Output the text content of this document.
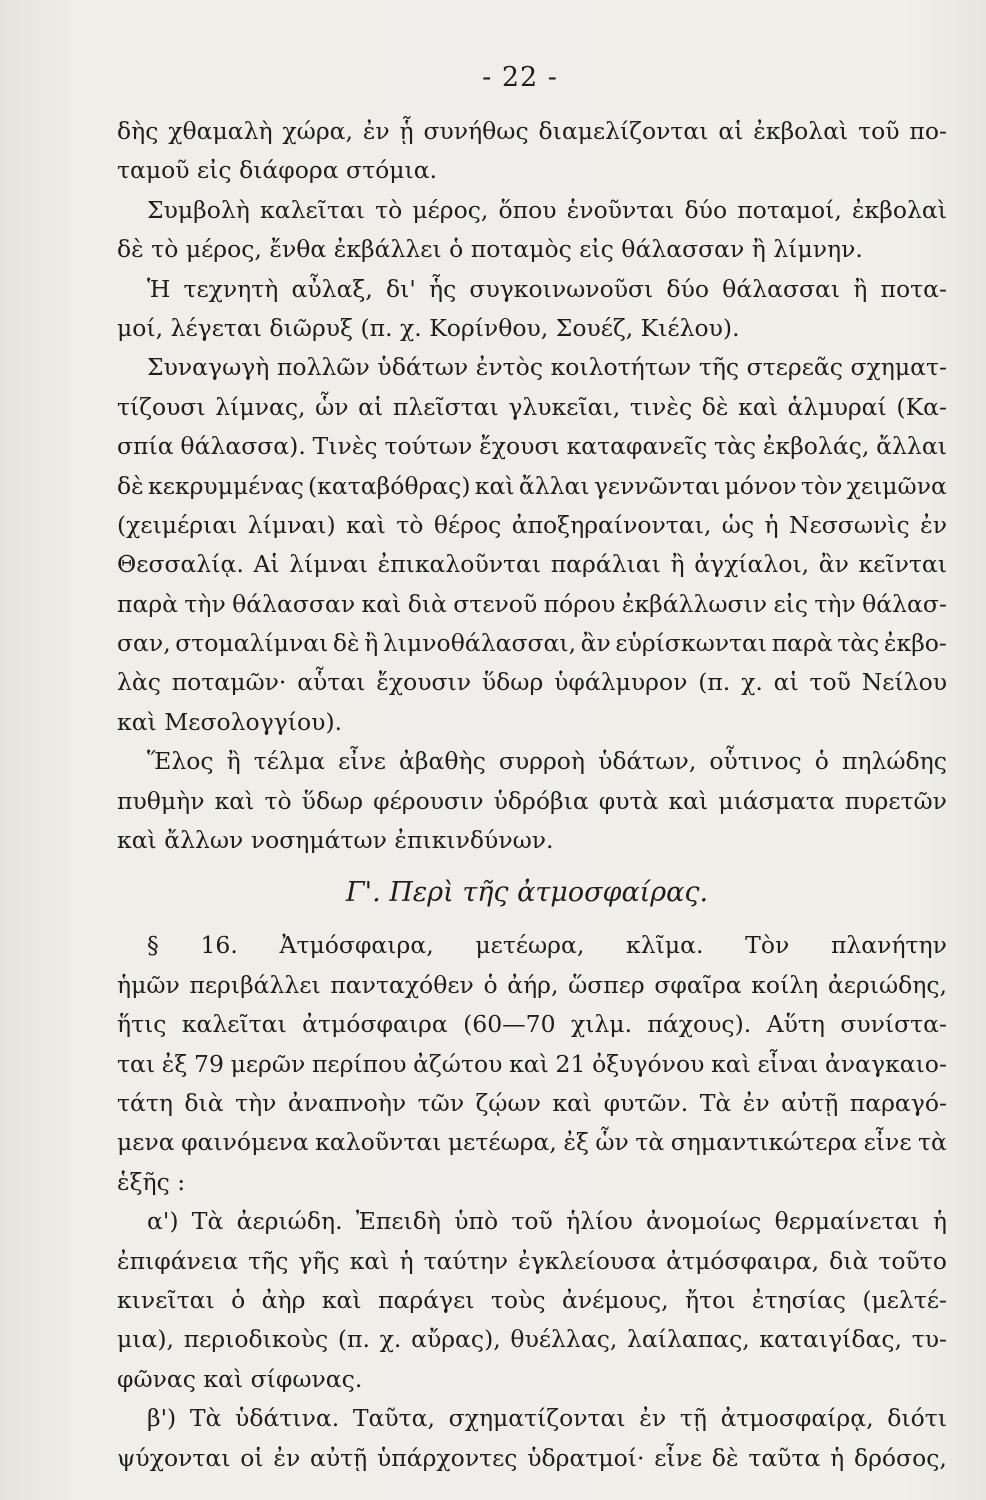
- 22 -
δὴς χθαμαλὴ χώρα, ἐν ᾗ συνήθως διαμελίζονται αἱ ἐκβολαὶ τοῦ πο-
ταμοῦ εἰς διάφορα στόμια.
Συμβολὴ καλεῖται τὸ μέρος, ὅπου ἑνοῦνται δύο ποταμοί, ἐκβολαὶ
δὲ τὸ μέρος, ἔνθα ἐκβάλλει ὁ ποταμὸς εἰς θάλασσαν ἢ λίμνην.
Ἡ τεχνητὴ αὖλαξ, δι' ἧς συγκοινωνοῦσι δύο θάλασσαι ἢ ποτα-
μοί, λέγεται διῶρυξ (π. χ. Κορίνθου, Σουέζ, Κιέλου).
Συναγωγὴ πολλῶν ὑδάτων ἐντὸς κοιλοτήτων τῆς στερεᾶς σχηματ-
τίζουσι λίμνας, ὧν αἱ πλεῖσται γλυκεῖαι, τινὲς δὲ καὶ ἁλμυραί (Κα-
σπία θάλασσα). Τινὲς τούτων ἔχουσι καταφανεῖς τὰς ἐκβολάς, ἄλλαι
δὲ κεκρυμμένας (καταβόθρας) καὶ ἄλλαι γεννῶνται μόνον τὸν χειμῶνα
(χειμέριαι λίμναι) καὶ τὸ θέρος ἀποξηραίνονται, ὡς ἡ Νεσσωνὶς ἐν
Θεσσαλίᾳ. Αἱ λίμναι ἐπικαλοῦνται παράλιαι ἢ ἀγχίαλοι, ἂν κεῖνται
παρὰ τὴν θάλασσαν καὶ διὰ στενοῦ πόρου ἐκβάλλωσιν εἰς τὴν θάλασ-
σαν, στομαλίμναι δὲ ἢ λιμνοθάλασσαι, ἂν εὑρίσκωνται παρὰ τὰς ἐκβο-
λὰς ποταμῶν· αὗται ἔχουσιν ὕδωρ ὑφάλμυρον (π. χ. αἱ τοῦ Νείλου
καὶ Μεσολογγίου).
Ἕλος ἢ τέλμα εἶνε ἀβαθὴς συρροὴ ὑδάτων, οὗτινος ὁ πηλώδης
πυθμὴν καὶ τὸ ὕδωρ φέρουσιν ὑδρόβια φυτὰ καὶ μιάσματα πυρετῶν
καὶ ἄλλων νοσημάτων ἐπικινδύνων.
Γ'. Περὶ τῆς ἀτμοσφαίρας.
§ 16. Ἀτμόσφαιρα, μετέωρα, κλῖμα. Τὸν πλανήτην
ἡμῶν περιβάλλει πανταχόθεν ὁ ἀήρ, ὥσπερ σφαῖρα κοίλη ἀεριώδης,
ἥτις καλεῖται ἀτμόσφαιρα (60—70 χιλμ. πάχους). Αὕτη συνίστα-
ται ἐξ 79 μερῶν περίπου ἀζώτου καὶ 21 ὀξυγόνου καὶ εἶναι ἀναγκαιο-
τάτη διὰ τὴν ἀναπνοὴν τῶν ζῴων καὶ φυτῶν. Τὰ ἐν αὐτῇ παραγό-
μενα φαινόμενα καλοῦνται μετέωρα, ἐξ ὧν τὰ σημαντικώτερα εἶνε τὰ
ἑξῆς :
α') Τὰ ἀεριώδη. Ἐπειδὴ ὑπὸ τοῦ ἡλίου ἀνομοίως θερμαίνεται ἡ
ἐπιφάνεια τῆς γῆς καὶ ἡ ταύτην ἐγκλείουσα ἀτμόσφαιρα, διὰ τοῦτο
κινεῖται ὁ ἀὴρ καὶ παράγει τοὺς ἀνέμους, ἤτοι ἐτησίας (μελτέ-
μια), περιοδικοὺς (π. χ. αὔρας), θυέλλας, λαίλαπας, καταιγίδας, τυ-
φῶνας καὶ σίφωνας.
β') Τὰ ὑδάτινα. Ταῦτα, σχηματίζονται ἐν τῇ ἀτμοσφαίρᾳ, διότι
ψύχονται οἱ ἐν αὐτῇ ὑπάρχοντες ὑδρατμοί· εἶνε δὲ ταῦτα ἡ δρόσος,
